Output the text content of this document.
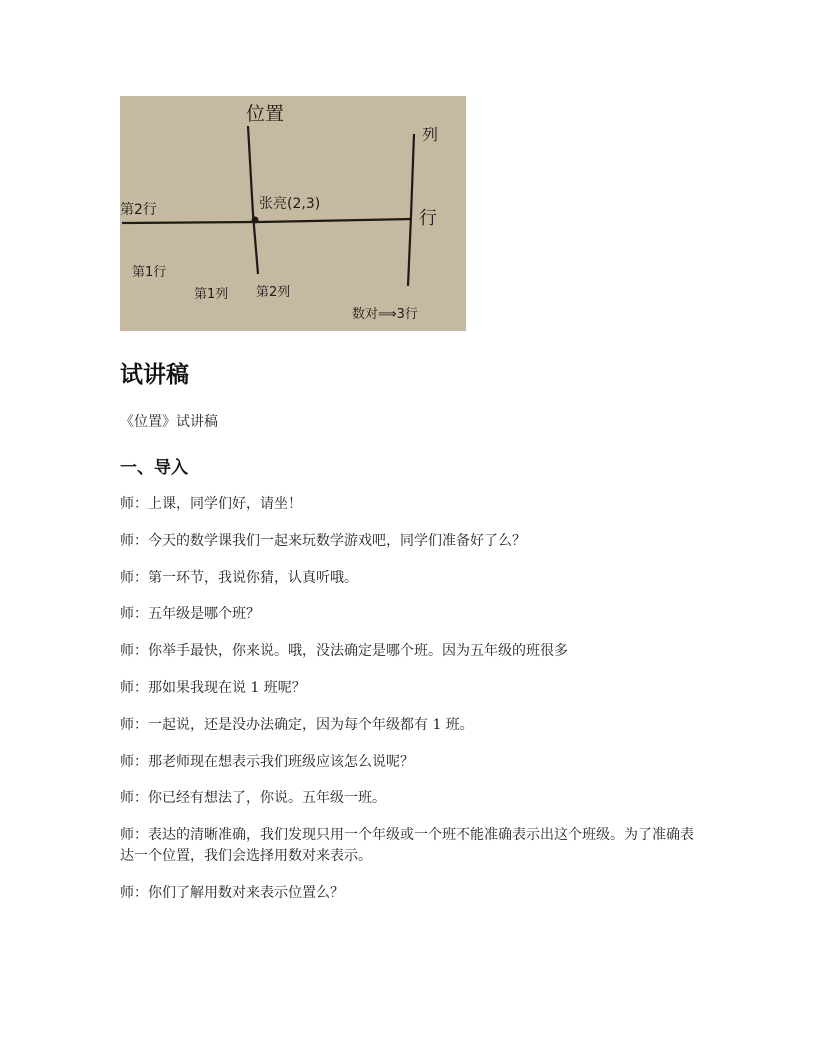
位置
列
行
第2行
第1行
张亮(2,3)
第1列 第2列
数对⟹3行
试讲稿

《位置》试讲稿

一、导入

师：上课，同学们好，请坐！

师：今天的数学课我们一起来玩数学游戏吧，同学们准备好了么？

师：第一环节，我说你猜，认真听哦。

师：五年级是哪个班？

师：你举手最快，你来说。哦，没法确定是哪个班。因为五年级的班很多

师：那如果我现在说 1 班呢？

师：一起说，还是没办法确定，因为每个年级都有 1 班。

师：那老师现在想表示我们班级应该怎么说呢？

师：你已经有想法了，你说。五年级一班。

师：表达的清晰准确，我们发现只用一个年级或一个班不能准确表示出这个班级。为了准确表达一个位置，我们会选择用数对来表示。

师：你们了解用数对来表示位置么？
